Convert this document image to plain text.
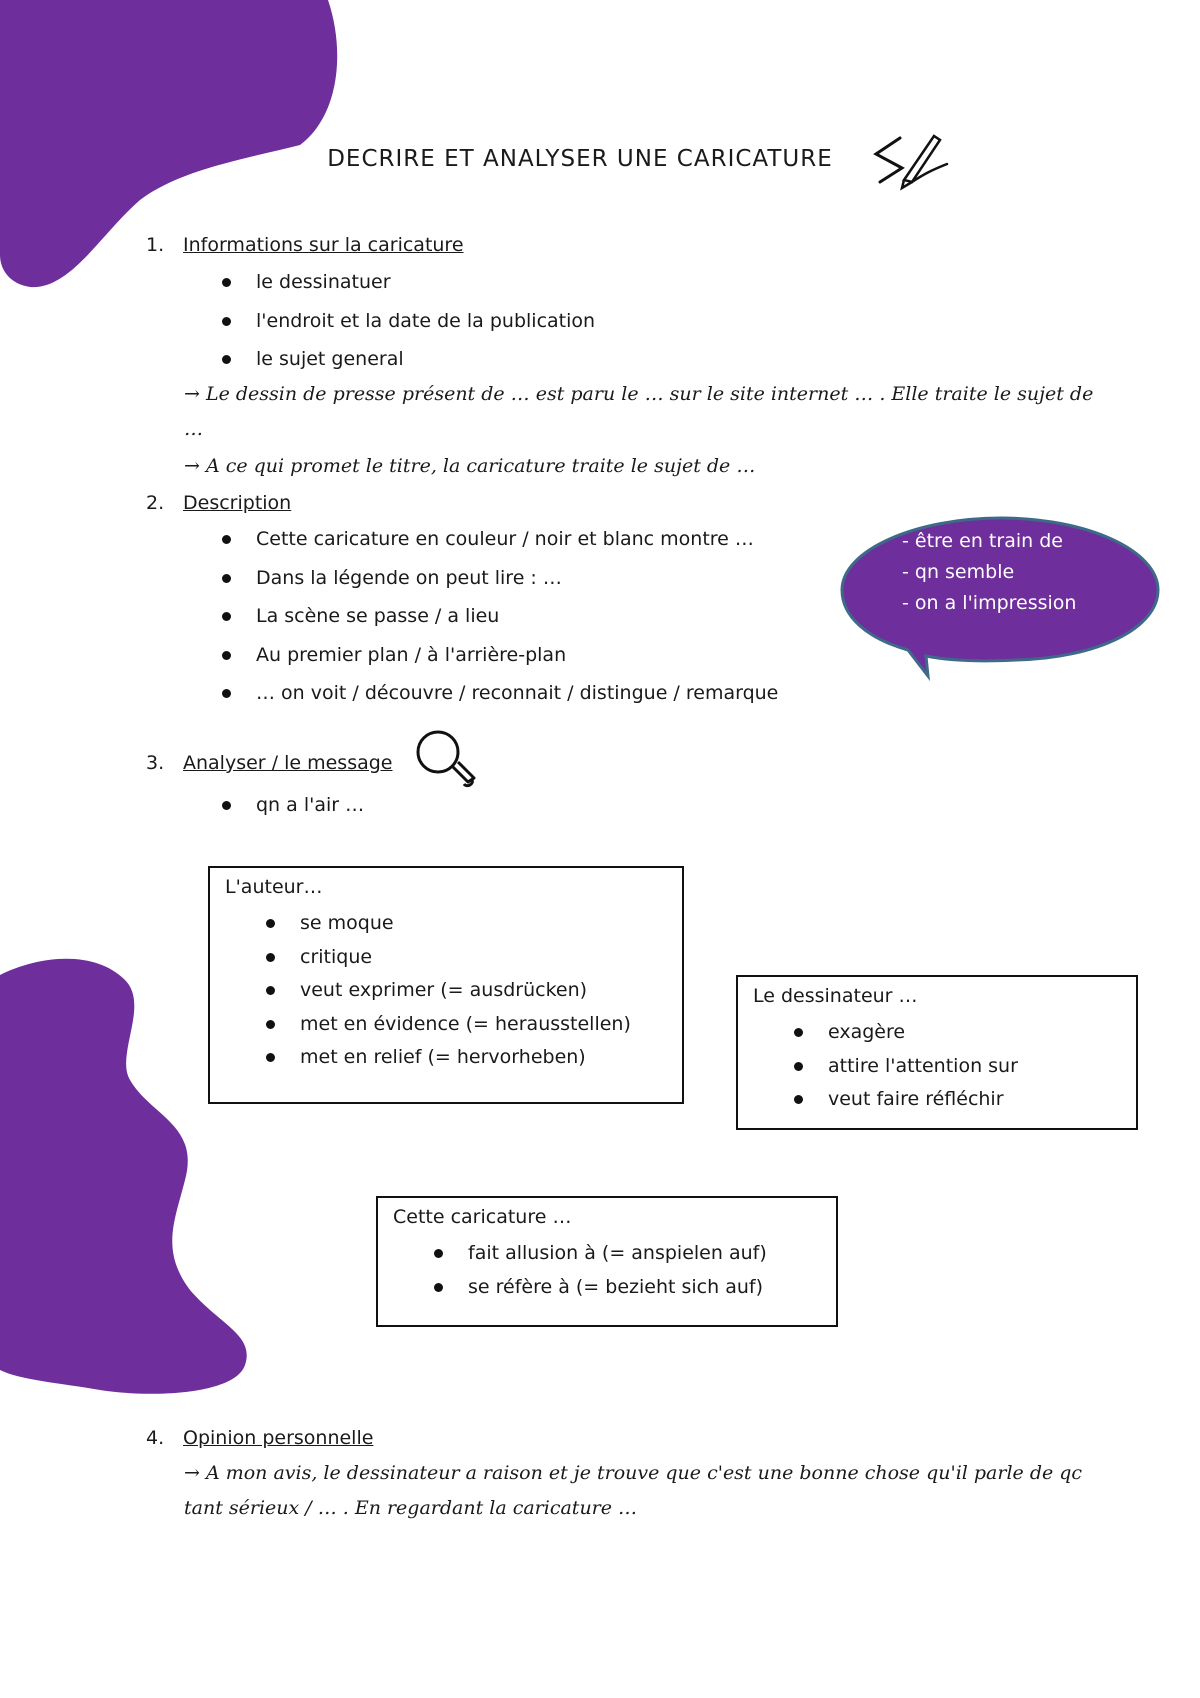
DECRIRE ET ANALYSER UNE CARICATURE
1. Informations sur la caricature
le dessinatuer
l'endroit et la date de la publication
le sujet general
→ Le dessin de presse présent de … est paru le … sur le site internet … . Elle traite le sujet de …
→ A ce qui promet le titre, la caricature traite le sujet de …
2. Description
Cette caricature en couleur / noir et blanc montre …
Dans la légende on peut lire : …
La scène se passe / a lieu
Au premier plan / à l'arrière-plan
… on voit / découvre / reconnait / distingue / remarque
- être en train de
- qn semble
- on a l'impression
3. Analyser / le message
qn a l'air …
L'auteur…
se moque
critique
veut exprimer (= ausdrücken)
met en évidence (= herausstellen)
met en relief (= hervorheben)
Le dessinateur …
exagère
attire l'attention sur
veut faire réfléchir
Cette caricature …
fait allusion à (= anspielen auf)
se réfère à (= bezieht sich auf)
4. Opinion personnelle
→ A mon avis, le dessinateur a raison et je trouve que c'est une bonne chose qu'il parle de qc tant sérieux / … . En regardant la caricature …
